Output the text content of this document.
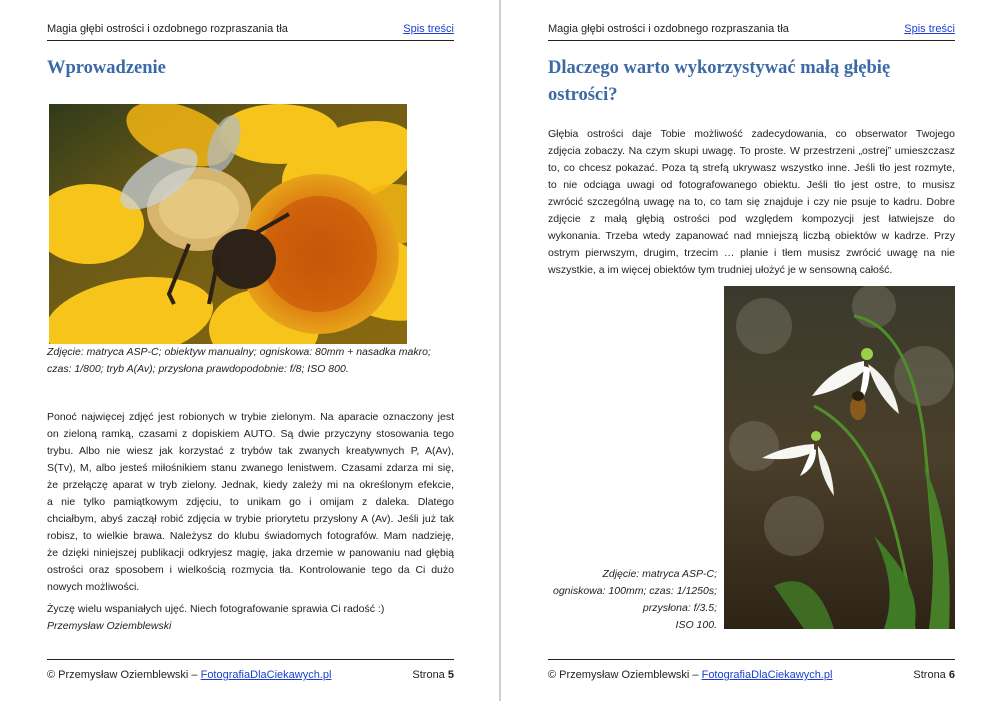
Magia głębi ostrości i ozdobnego rozpraszania tła	Spis treści
Wprowadzenie

Zdjęcie: matryca ASP-C; obiektyw manualny; ogniskowa: 80mm + nasadka makro;
czas: 1/800; tryb A(Av); przysłona prawdopodobnie: f/8; ISO 800.

Ponoć najwięcej zdjęć jest robionych w trybie zielonym. Na aparacie oznaczony jest
on zieloną ramką, czasami z dopiskiem AUTO. Są dwie przyczyny stosowania tego
trybu. Albo nie wiesz jak korzystać z trybów tak zwanych kreatywnych P, A(Av),
S(Tv), M, albo jesteś miłośnikiem stanu zwanego lenistwem. Czasami zdarza mi się,
że przełączę aparat w tryb zielony. Jednak, kiedy zależy mi na określonym efekcie,
a nie tylko pamiątkowym zdjęciu, to unikam go i omijam z daleka. Dlatego
chciałbym, abyś zaczął robić zdjęcia w trybie priorytetu przysłony A (Av). Jeśli już tak
robisz, to wielkie brawa. Należysz do klubu świadomych fotografów. Mam nadzieję,
że dzięki niniejszej publikacji odkryjesz magię, jaka drzemie w panowaniu nad głębią
ostrości oraz sposobem i wielkością rozmycia tła. Kontrolowanie tego da Ci dużo
nowych możliwości.
Życzę wielu wspaniałych ujęć. Niech fotografowanie sprawia Ci radość :)
Przemysław Oziemblewski
© Przemysław Oziemblewski – FotografiaDlaCiekawych.pl	Strona 5
Magia głębi ostrości i ozdobnego rozpraszania tła	Spis treści
Dlaczego warto wykorzystywać małą głębię
ostrości?
Głębia ostrości daje Tobie możliwość zadecydowania, co obserwator Twojego
zdjęcia zobaczy. Na czym skupi uwagę. To proste. W przestrzeni „ostrej” umieszczasz
to, co chcesz pokazać. Poza tą strefą ukrywasz wszystko inne. Jeśli tło jest rozmyte,
to nie odciąga uwagi od fotografowanego obiektu. Jeśli tło jest ostre, to musisz
zwrócić szczególną uwagę na to, co tam się znajduje i czy nie psuje to kadru. Dobre
zdjęcie z małą głębią ostrości pod względem kompozycji jest łatwiejsze do
wykonania. Trzeba wtedy zapanować nad mniejszą liczbą obiektów w kadrze. Przy
ostrym pierwszym, drugim, trzecim … planie i tłem musisz zwrócić uwagę na nie
wszystkie, a im więcej obiektów tym trudniej ułożyć je w sensowną całość.

Zdjęcie: matryca ASP-C;
ogniskowa: 100mm; czas: 1/1250s;
przysłona: f/3.5;
ISO 100.

© Przemysław Oziemblewski – FotografiaDlaCiekawych.pl	Strona 6
